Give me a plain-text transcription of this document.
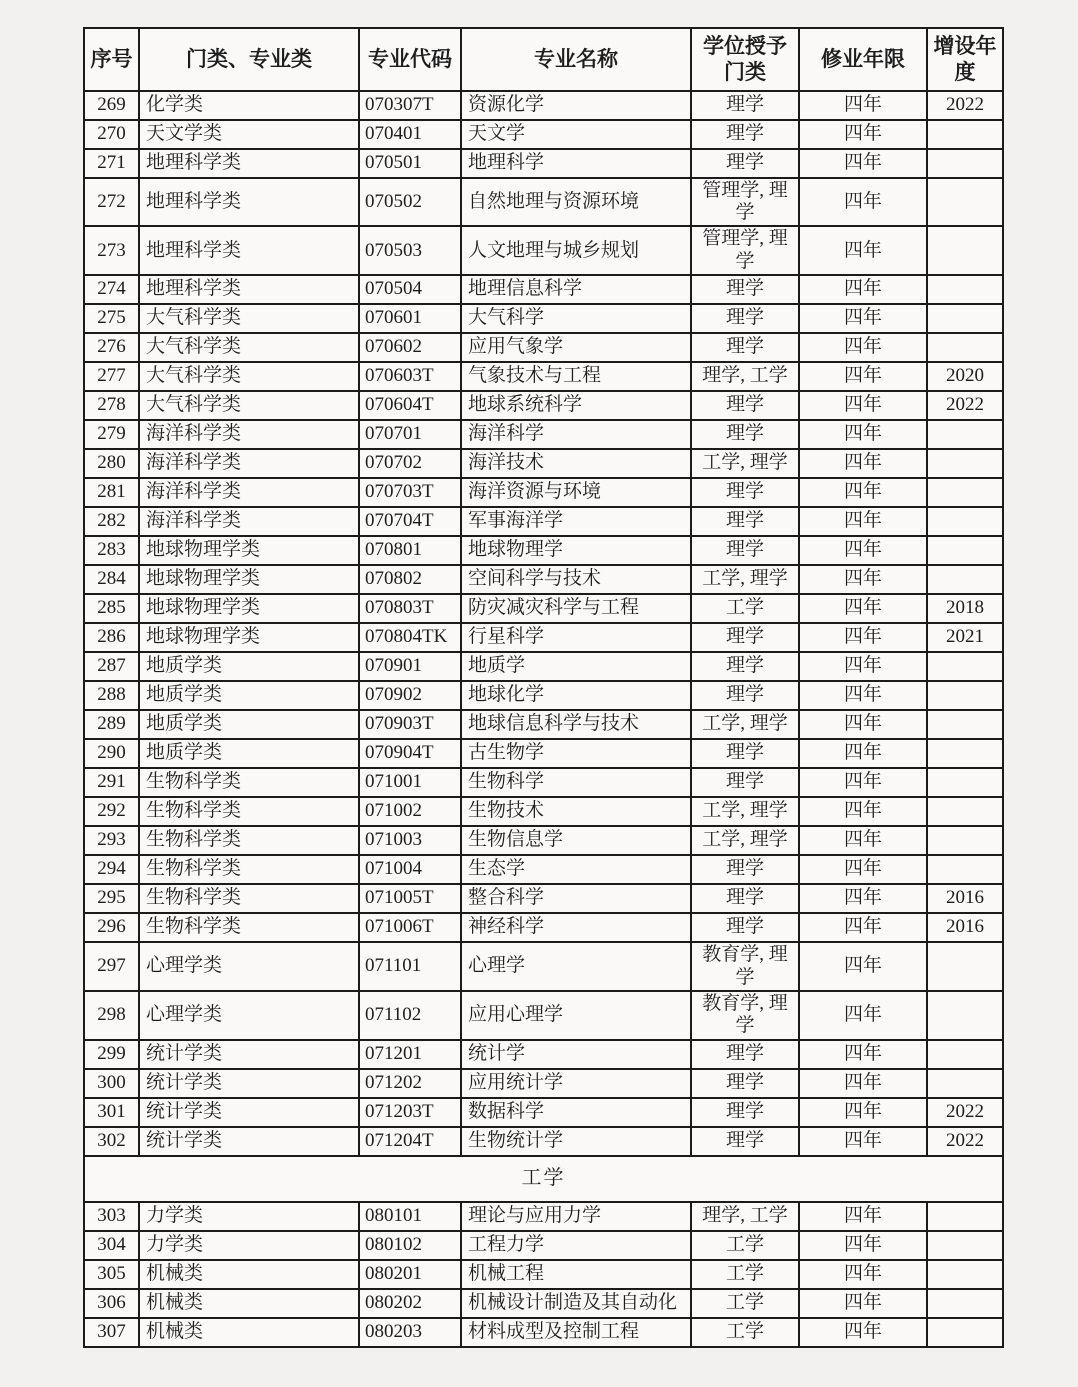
序号	门类、专业类	专业代码	专业名称	学位授予门类	修业年限	增设年度
269	化学类	070307T	资源化学	理学	四年	2022
270	天文学类	070401	天文学	理学	四年	
271	地理科学类	070501	地理科学	理学	四年	
272	地理科学类	070502	自然地理与资源环境	管理学, 理学	四年	
273	地理科学类	070503	人文地理与城乡规划	管理学, 理学	四年	
274	地理科学类	070504	地理信息科学	理学	四年	
275	大气科学类	070601	大气科学	理学	四年	
276	大气科学类	070602	应用气象学	理学	四年	
277	大气科学类	070603T	气象技术与工程	理学, 工学	四年	2020
278	大气科学类	070604T	地球系统科学	理学	四年	2022
279	海洋科学类	070701	海洋科学	理学	四年	
280	海洋科学类	070702	海洋技术	工学, 理学	四年	
281	海洋科学类	070703T	海洋资源与环境	理学	四年	
282	海洋科学类	070704T	军事海洋学	理学	四年	
283	地球物理学类	070801	地球物理学	理学	四年	
284	地球物理学类	070802	空间科学与技术	工学, 理学	四年	
285	地球物理学类	070803T	防灾减灾科学与工程	工学	四年	2018
286	地球物理学类	070804TK	行星科学	理学	四年	2021
287	地质学类	070901	地质学	理学	四年	
288	地质学类	070902	地球化学	理学	四年	
289	地质学类	070903T	地球信息科学与技术	工学, 理学	四年	
290	地质学类	070904T	古生物学	理学	四年	
291	生物科学类	071001	生物科学	理学	四年	
292	生物科学类	071002	生物技术	工学, 理学	四年	
293	生物科学类	071003	生物信息学	工学, 理学	四年	
294	生物科学类	071004	生态学	理学	四年	
295	生物科学类	071005T	整合科学	理学	四年	2016
296	生物科学类	071006T	神经科学	理学	四年	2016
297	心理学类	071101	心理学	教育学, 理学	四年	
298	心理学类	071102	应用心理学	教育学, 理学	四年	
299	统计学类	071201	统计学	理学	四年	
300	统计学类	071202	应用统计学	理学	四年	
301	统计学类	071203T	数据科学	理学	四年	2022
302	统计学类	071204T	生物统计学	理学	四年	2022
工学						
303	力学类	080101	理论与应用力学	理学, 工学	四年	
304	力学类	080102	工程力学	工学	四年	
305	机械类	080201	机械工程	工学	四年	
306	机械类	080202	机械设计制造及其自动化	工学	四年	
307	机械类	080203	材料成型及控制工程	工学	四年	
